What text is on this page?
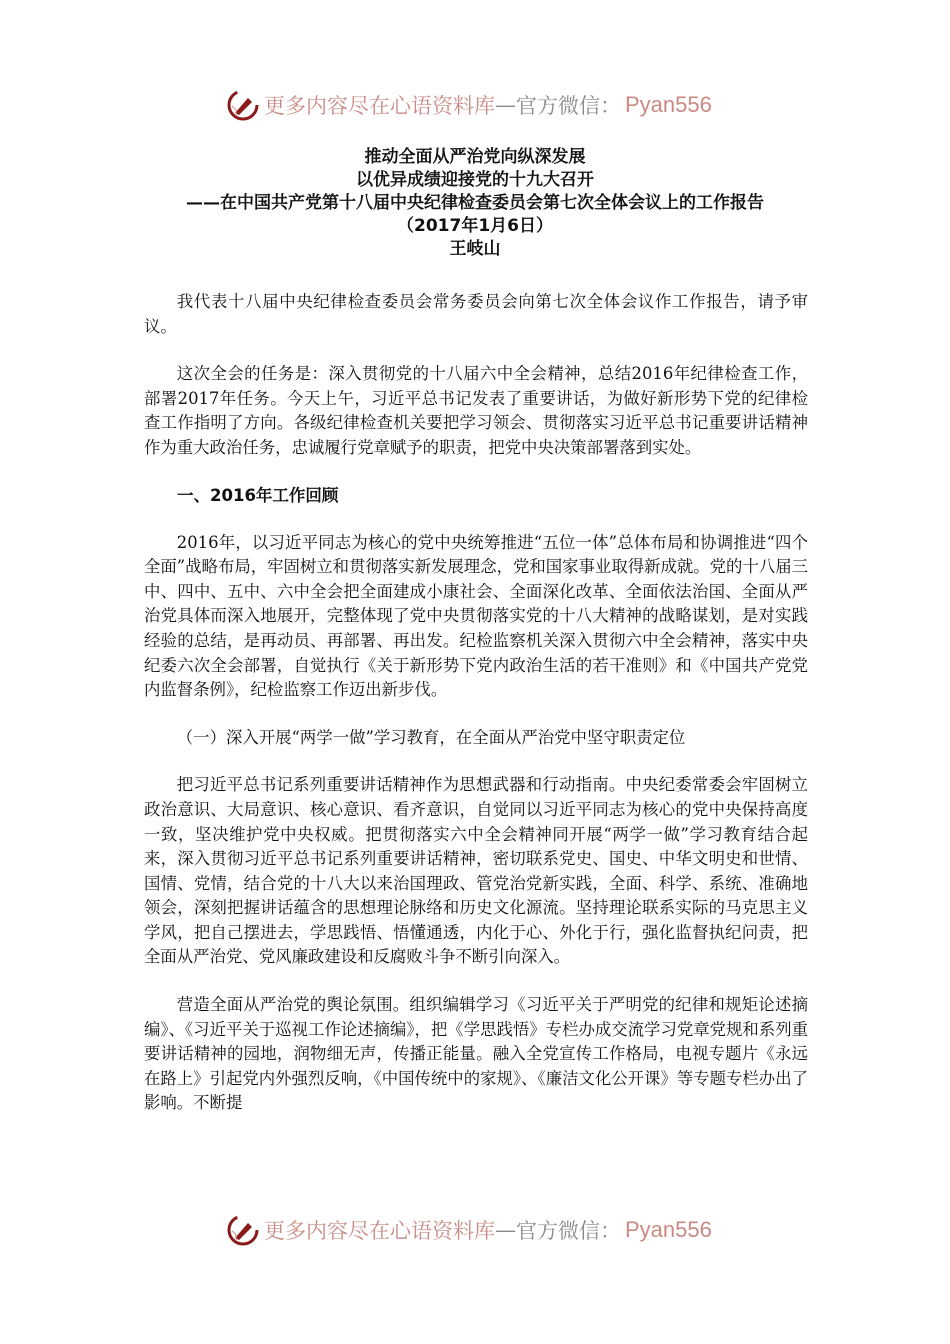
更多内容尽在心语资料库 — 官方微信： Pyan556
推动全面从严治党向纵深发展
以优异成绩迎接党的十九大召开
——在中国共产党第十八届中央纪律检查委员会第七次全体会议上的工作报告
（2017年1月6日）
王岐山

我代表十八届中央纪律检查委员会常务委员会向第七次全体会议作工作报告，请予审议。

这次全会的任务是：深入贯彻党的十八届六中全会精神，总结2016年纪律检查工作，部署2017年任务。今天上午，习近平总书记发表了重要讲话，为做好新形势下党的纪律检查工作指明了方向。各级纪律检查机关要把学习领会、贯彻落实习近平总书记重要讲话精神作为重大政治任务，忠诚履行党章赋予的职责，把党中央决策部署落到实处。

一、2016年工作回顾

2016年，以习近平同志为核心的党中央统筹推进“五位一体”总体布局和协调推进“四个全面”战略布局，牢固树立和贯彻落实新发展理念，党和国家事业取得新成就。党的十八届三中、四中、五中、六中全会把全面建成小康社会、全面深化改革、全面依法治国、全面从严治党具体而深入地展开，完整体现了党中央贯彻落实党的十八大精神的战略谋划，是对实践经验的总结，是再动员、再部署、再出发。纪检监察机关深入贯彻六中全会精神，落实中央纪委六次全会部署，自觉执行《关于新形势下党内政治生活的若干准则》和《中国共产党党内监督条例》，纪检监察工作迈出新步伐。

（一）深入开展“两学一做”学习教育，在全面从严治党中坚守职责定位

把习近平总书记系列重要讲话精神作为思想武器和行动指南。中央纪委常委会牢固树立政治意识、大局意识、核心意识、看齐意识，自觉同以习近平同志为核心的党中央保持高度一致，坚决维护党中央权威。把贯彻落实六中全会精神同开展“两学一做”学习教育结合起来，深入贯彻习近平总书记系列重要讲话精神，密切联系党史、国史、中华文明史和世情、国情、党情，结合党的十八大以来治国理政、管党治党新实践，全面、科学、系统、准确地领会，深刻把握讲话蕴含的思想理论脉络和历史文化源流。坚持理论联系实际的马克思主义学风，把自己摆进去，学思践悟、悟懂通透，内化于心、外化于行，强化监督执纪问责，把全面从严治党、党风廉政建设和反腐败斗争不断引向深入。

营造全面从严治党的舆论氛围。组织编辑学习《习近平关于严明党的纪律和规矩论述摘编》、《习近平关于巡视工作论述摘编》，把《学思践悟》专栏办成交流学习党章党规和系列重要讲话精神的园地，润物细无声，传播正能量。融入全党宣传工作格局，电视专题片《永远在路上》引起党内外强烈反响，《中国传统中的家规》、《廉洁文化公开课》等专题专栏办出了影响。不断提

更多内容尽在心语资料库 — 官方微信： Pyan556
